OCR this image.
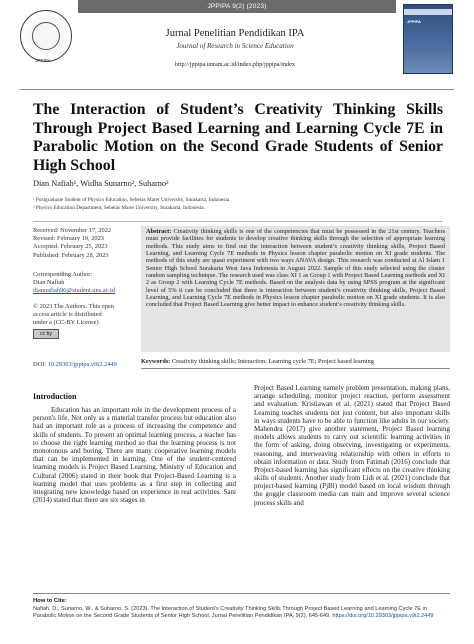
JPPIPA 9(2) (2023)
JPPIPA
Jurnal Penelitian Pendidikan IPA
Journal of Research in Science Education
http://jppipa.unram.ac.id/index.php/jppipa/index
JPPIPA
The Interaction of Student’s Creativity Thinking Skills Through Project Based Learning and Learning Cycle 7E in Parabolic Motion on the Second Grade Students of Senior High School
Dian Nafiah¹, Widha Sunarno², Suharno²
¹ Postgraduate Student of Physics Education, Sebelas Maret University, Surakarta, Indonesia.
² Physics Education Department, Sebelas Maret University, Surakarta, Indonesia.
Received: November 17, 2022
Revised: February 19, 2023
Accepted: February 25, 2023
Published: February 28, 2023
Corresponding Author:
Dian Nafiah
diannafiah96@student.uns.ac.id
© 2023 The Authors. This open
access article is distributed
under a (CC-BY License)
cc by
DOI: 10.29303/jppipa.v9i2.2449
Abstract: Creativity thinking skills is one of the competencies that must be possessed in the 21st century. Teachers must provide facilities for students to develop creative thinking skills through the selection of appropriate learning methods. This study aims to find out the interaction between student’s creativity thinking skills, Project Based Learning, and Learning Cycle 7E methods in Physics lesson chapter parabolic motion on XI grade students. The methods of this study are quasi experiment with two ways ANAVA design. This research was conducted at Al Islam 1 Senior High School Surakarta West Java Indonesia in August 2022. Sample of this study selected using the cluster random sampling technique. The research used was class XI 1 as Group 1 with Project Based Learning methods and XI 2 as Group 2 with Learning Cycle 7E methods. Based on the analysis data by using SPSS program at the significant level of 5% it can be concluded that there is interaction between student’s creativity thinking skills, Project Based Learning, and Learning Cycle 7E methods in Physics lesson chapter parabolic motion on XI grade students. It is also concluded that Project Based Learning give better impact to enhance student’s creativity thinking skills.
Keywords: Creativity thinking skills; Interaction; Learning cycle 7E; Project based learning
Introduction
Education has an important role in the development process of a person's life. Not only as a material transfer process but education also had an important role as a process of increasing the competence and skills of students. To present an optimal learning process, a teacher has to choose the right learning method so that the learning process is not monotonous and boring. There are many cooperative learning models that can be implemented in learning. One of the student-centered learning models is Project Based Learning. Ministry of Education and Cultural (2006) stated in their book that Project-Based Learning is a learning model that uses problems as a first step in collecting and integrating new knowledge based on experience in real activities. Sani (2014) stated that there are six stages in
Project Based Learning namely problem presentation, making plans, arrange scheduling, monitor project reaction, perform assessment and evaluation. Kristiawan et al. (2021) stated that Project Based Learning teaches students not just content, but also important skills in ways students have to be able to function like adults in our society. Mahendra (2017) give another statement, Project Based learning models allows students to carry out scientific learning activities in the form of asking, doing observing, investigating or experiments, reasoning, and interweaving relationship with others in efforts to obtain information or data. Study from Fatimah (2016) conclude that Project-based learning has significant effects on the creative thinking skills of students. Another study from Lidi et al. (2021) conclude that project-based learning (PjBl) model based on local wisdom through the goggle classroom media can train and improve several science process skills and
How to Cite:
Nafiah, D., Sunarno, W., & Suharno, S. (2023). The Interaction of Student’s Creativity Thinking Skills Through Project Based Learning and Learning Cycle 7E in Parabolic Motion on the Second Grade Students of Senior High School. Jurnal Penelitian Pendidikan IPA, 9(2), 645-649. https://doi.org/10.29303/jppipa.v9i2.2449
